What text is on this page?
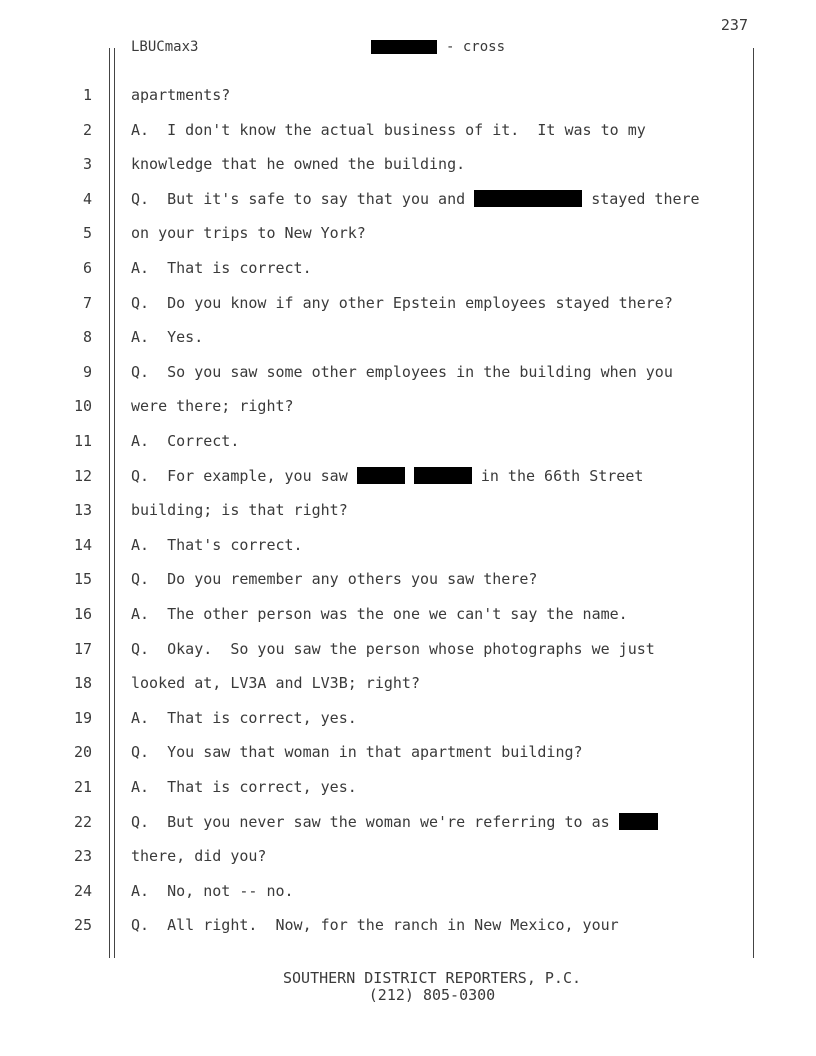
237
LBUCmax3	- cross
1	apartments?
2	A.  I don't know the actual business of it.  It was to my
3	knowledge that he owned the building.
4	Q.  But it's safe to say that you and	stayed there
5	on your trips to New York?
6	A.  That is correct.
7	Q.  Do you know if any other Epstein employees stayed there?
8	A.  Yes.
9	Q.  So you saw some other employees in the building when you
10	were there; right?
11	A.  Correct.
12	Q.  For example, you saw	in the 66th Street
13	building; is that right?
14	A.  That's correct.
15	Q.  Do you remember any others you saw there?
16	A.  The other person was the one we can't say the name.
17	Q.  Okay.  So you saw the person whose photographs we just
18	looked at, LV3A and LV3B; right?
19	A.  That is correct, yes.
20	Q.  You saw that woman in that apartment building?
21	A.  That is correct, yes.
22	Q.  But you never saw the woman we're referring to as
23	there, did you?
24	A.  No, not -- no.
25	Q.  All right.  Now, for the ranch in New Mexico, your
SOUTHERN DISTRICT REPORTERS, P.C.
(212) 805-0300
